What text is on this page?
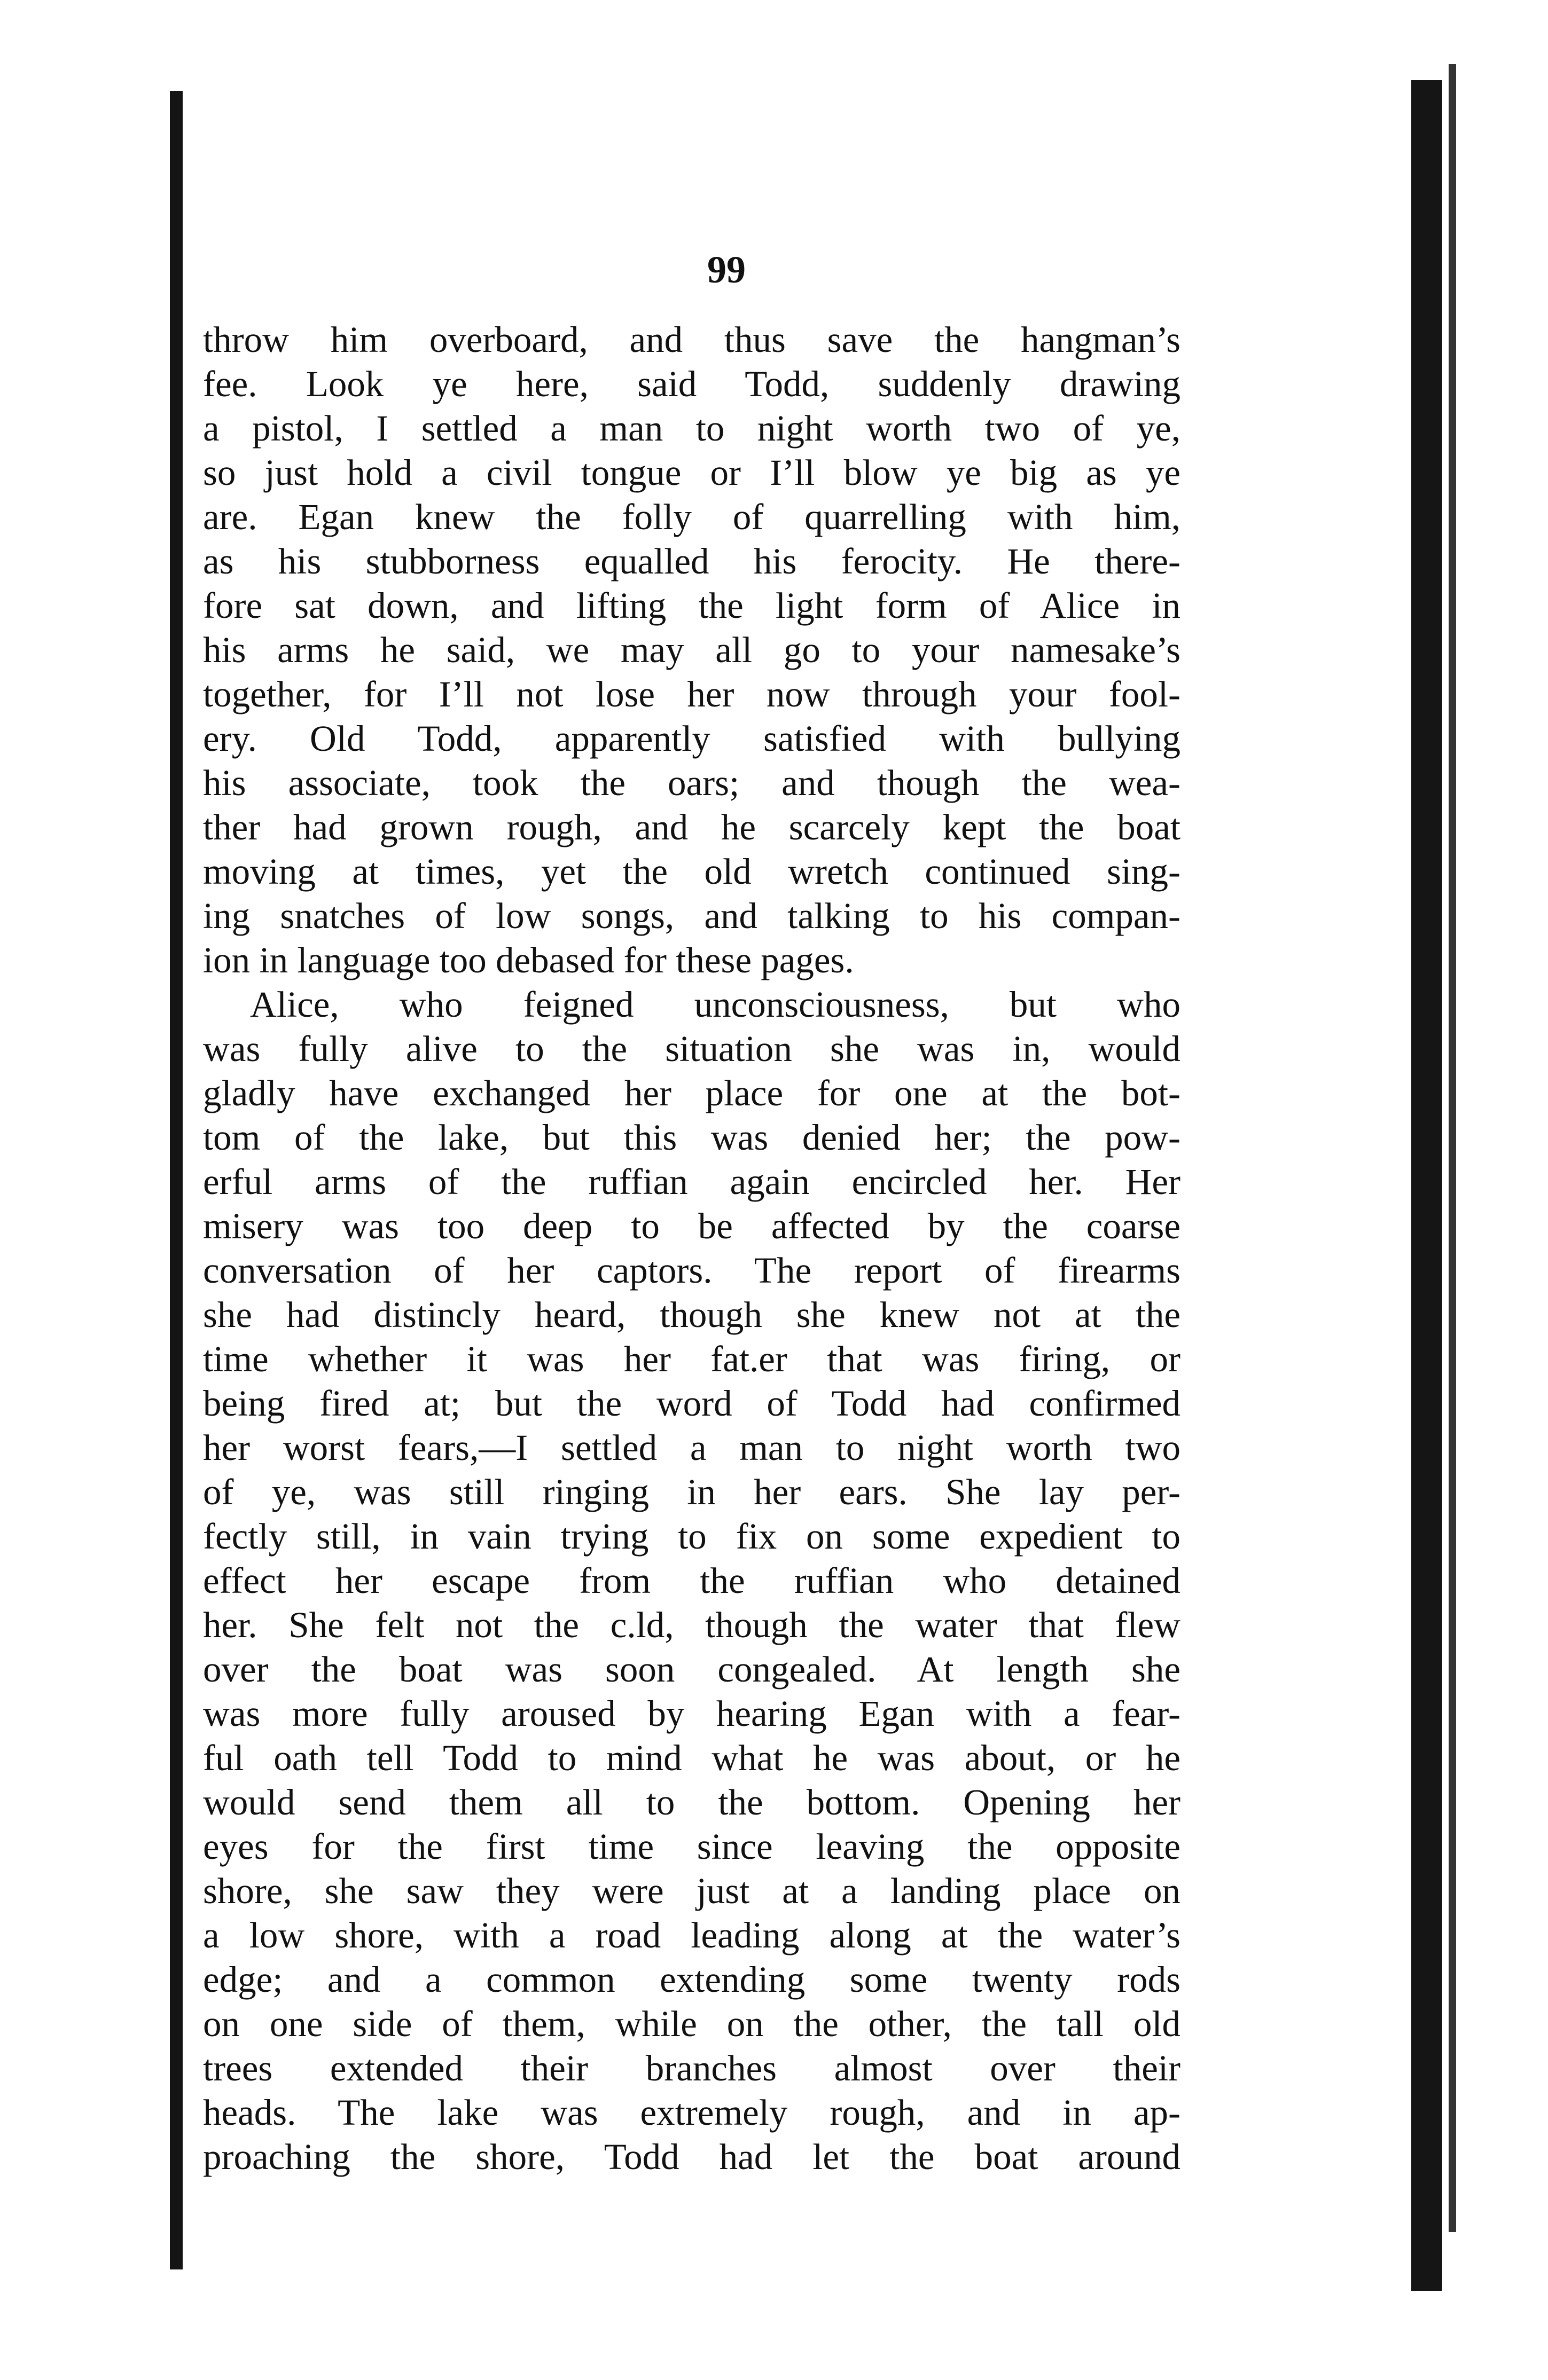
99
throw him overboard, and thus save the hangman’s
fee. Look ye here, said Todd, suddenly drawing
a pistol, I settled a man to night worth two of ye,
so just hold a civil tongue or I’ll blow ye big as ye
are. Egan knew the folly of quarrelling with him,
as his stubborness equalled his ferocity. He there-
fore sat down, and lifting the light form of Alice in
his arms he said, we may all go to your namesake’s
together, for I’ll not lose her now through your fool-
ery. Old Todd, apparently satisfied with bullying
his associate, took the oars; and though the wea-
ther had grown rough, and he scarcely kept the boat
moving at times, yet the old wretch continued sing-
ing snatches of low songs, and talking to his compan-
ion in language too debased for these pages.
Alice, who feigned unconsciousness, but who
was fully alive to the situation she was in, would
gladly have exchanged her place for one at the bot-
tom of the lake, but this was denied her; the pow-
erful arms of the ruffian again encircled her. Her
misery was too deep to be affected by the coarse
conversation of her captors. The report of firearms
she had distincly heard, though she knew not at the
time whether it was her fat.er that was firing, or
being fired at; but the word of Todd had confirmed
her worst fears,—I settled a man to night worth two
of ye, was still ringing in her ears. She lay per-
fectly still, in vain trying to fix on some expedient to
effect her escape from the ruffian who detained
her. She felt not the c.ld, though the water that flew
over the boat was soon congealed. At length she
was more fully aroused by hearing Egan with a fear-
ful oath tell Todd to mind what he was about, or he
would send them all to the bottom. Opening her
eyes for the first time since leaving the opposite
shore, she saw they were just at a landing place on
a low shore, with a road leading along at the water’s
edge; and a common extending some twenty rods
on one side of them, while on the other, the tall old
trees extended their branches almost over their
heads. The lake was extremely rough, and in ap-
proaching the shore, Todd had let the boat around
